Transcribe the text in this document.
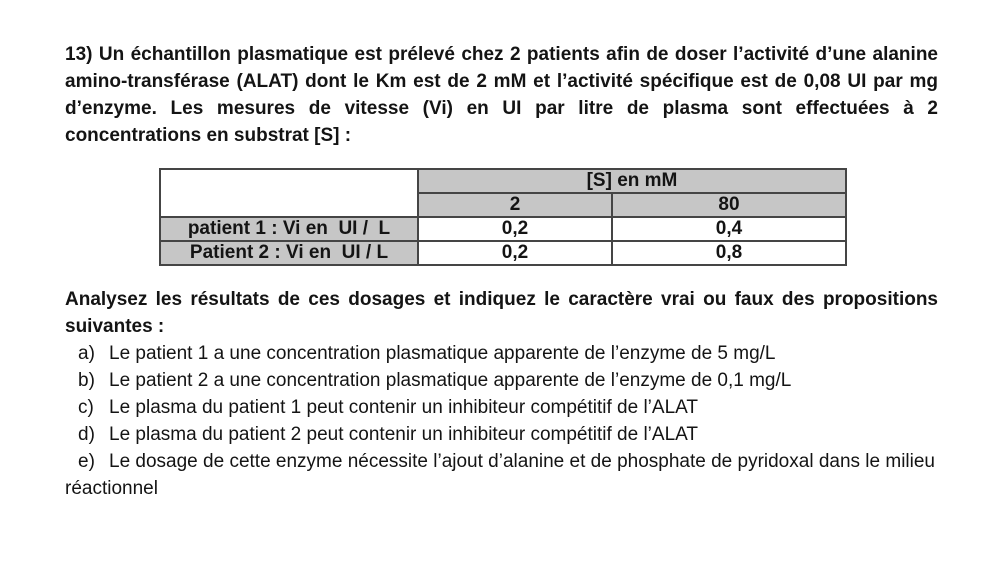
13) Un échantillon plasmatique est prélevé chez 2 patients afin de doser l’activité d’une alanine amino-transférase (ALAT) dont le Km est de 2 mM et l’activité spécifique est de 0,08 UI par mg d’enzyme. Les mesures de vitesse (Vi) en UI par litre de plasma sont effectuées à 2 concentrations en substrat [S] :
	[S] en mM	
	2	80
patient 1 : Vi en  UI /  L	0,2	0,4
Patient 2 : Vi en  UI / L	0,2	0,8
Analysez les résultats de ces dosages et indiquez le caractère vrai ou faux des propositions suivantes :
a) Le patient 1 a une concentration plasmatique apparente de l’enzyme de 5 mg/L
b) Le patient 2 a une concentration plasmatique apparente de l’enzyme de 0,1 mg/L
c) Le plasma du patient 1 peut contenir un inhibiteur compétitif de l’ALAT
d) Le plasma du patient 2 peut contenir un inhibiteur compétitif de l’ALAT
e) Le dosage de cette enzyme nécessite l’ajout d’alanine et de phosphate de pyridoxal dans le milieu réactionnel
